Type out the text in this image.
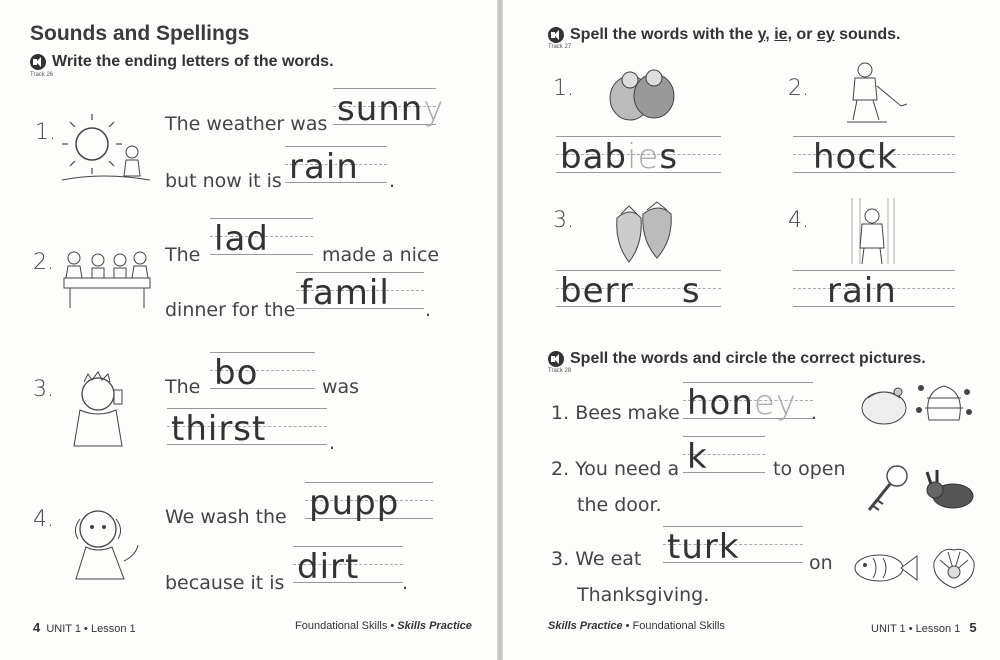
Sounds and Spellings
Write the ending letters of the words.
Track 26
1.	The weather was sunny
but now it is rain .
2.	The lad	made a nice
dinner for the famil .
3.	The bo	was
thirst	.
4.	We wash the pupp
because it is dirt .
4 UNIT 1 • Lesson 1	Foundational Skills • Skills Practice
Spell the words with the y, ie, or ey sounds.
Track 27
1.
babies
2.
hock
3.
berr s
4.
rain
Spell the words and circle the correct pictures.
Track 28
1. Bees make honey .
2. You need a k	to open
the door.
3. We eat turk	on
Thanksgiving.
Skills Practice • Foundational Skills	UNIT 1 • Lesson 1 5
